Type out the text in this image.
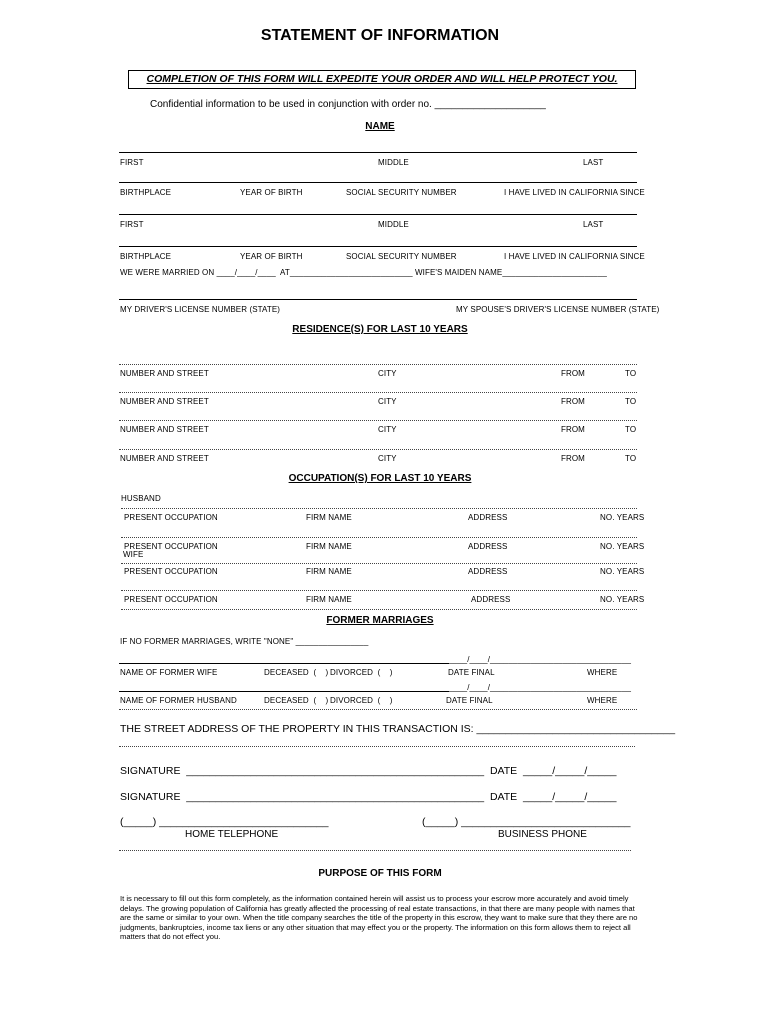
STATEMENT OF INFORMATION
COMPLETION OF THIS FORM WILL EXPEDITE YOUR ORDER AND WILL HELP PROTECT YOU.
Confidential information to be used in conjunction with order no. ____________________
NAME
FIRST	MIDDLE	LAST
BIRTHPLACE	YEAR OF BIRTH	SOCIAL SECURITY NUMBER	I HAVE LIVED IN CALIFORNIA SINCE
FIRST	MIDDLE	LAST
BIRTHPLACE	YEAR OF BIRTH	SOCIAL SECURITY NUMBER	I HAVE LIVED IN CALIFORNIA SINCE
WE WERE MARRIED ON ____/____/____  AT___________________________ WIFE'S MAIDEN NAME_______________________
MY DRIVER'S LICENSE NUMBER (STATE)	MY SPOUSE'S DRIVER'S LICENSE NUMBER (STATE)
RESIDENCE(S) FOR LAST 10 YEARS
NUMBER AND STREET	CITY	FROM	TO
NUMBER AND STREET	CITY	FROM	TO
NUMBER AND STREET	CITY	FROM	TO
NUMBER AND STREET	CITY	FROM	TO
OCCUPATION(S) FOR LAST 10 YEARS
HUSBAND
PRESENT OCCUPATION	FIRM NAME	ADDRESS	NO. YEARS
PRESENT OCCUPATION	FIRM NAME	ADDRESS	NO. YEARS
WIFE
PRESENT OCCUPATION	FIRM NAME	ADDRESS	NO. YEARS
PRESENT OCCUPATION	FIRM NAME	ADDRESS	NO. YEARS
FORMER MARRIAGES
IF NO FORMER MARRIAGES, WRITE "NONE" ________________
____/____/_______________________________
NAME OF FORMER WIFE	DECEASED  (    ) DIVORCED  (    )	DATE FINAL	WHERE
____/____/_______________________________
NAME OF FORMER HUSBAND	DECEASED  (    ) DIVORCED  (    )	DATE FINAL	WHERE
THE STREET ADDRESS OF THE PROPERTY IN THIS TRANSACTION IS: __________________________________
SIGNATURE  ___________________________________________________  DATE  _____/_____/_____
SIGNATURE  ___________________________________________________  DATE  _____/_____/_____
(_____) _____________________________	(_____) _____________________________
HOME TELEPHONE	BUSINESS PHONE
PURPOSE OF THIS FORM
It is necessary to fill out this form completely, as the information contained herein will assist us to process your escrow more accurately and avoid timely delays. The growing population of California has greatly affected the processing of real estate transactions, in that there are many people with names that are the same or similar to your own. When the title company searches the title of the property in this escrow, they want to make sure that they there are no judgments, bankruptcies, income tax liens or any other situation that may effect you or the property. The information on this form allows them to reject all matters that do not effect you.
